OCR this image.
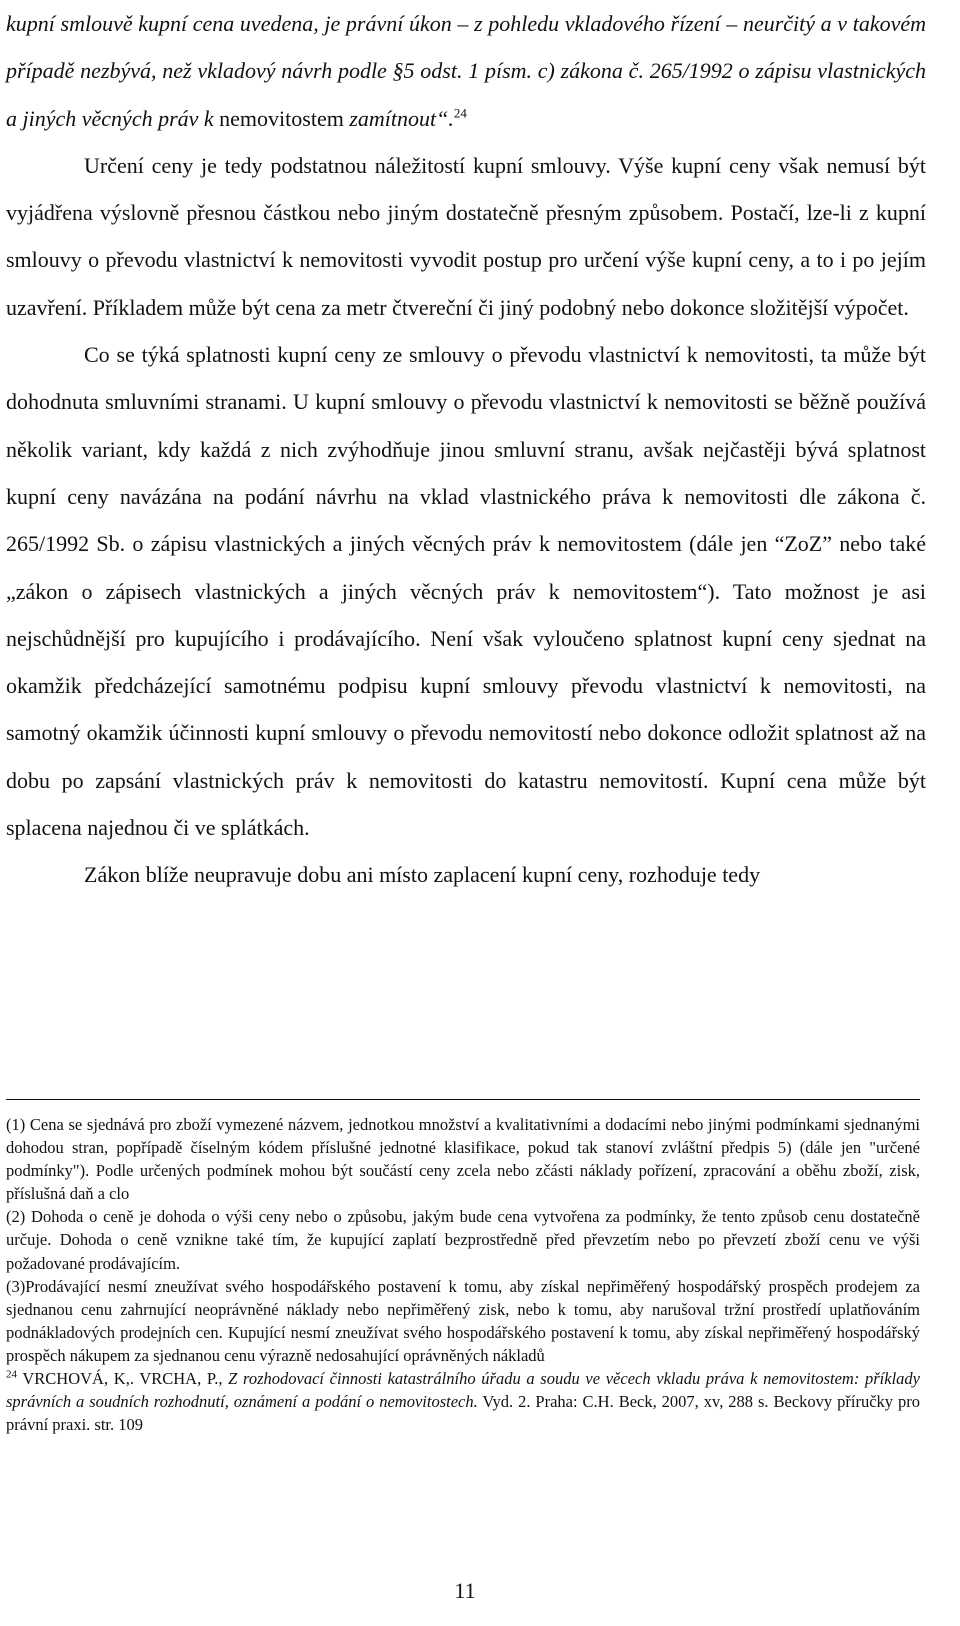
kupní smlouvě kupní cena uvedena, je právní úkon – z pohledu vkladového řízení – neurčitý a v takovém případě nezbývá, než vkladový návrh podle §5 odst. 1 písm. c) zákona č. 265/1992 o zápisu vlastnických a jiných věcných práv k nemovitostem zamítnout“.$^{24}$

Určení ceny je tedy podstatnou náležitostí kupní smlouvy. Výše kupní ceny však nemusí být vyjádřena výslovně přesnou částkou nebo jiným dostatečně přesným způsobem. Postačí, lze-li z kupní smlouvy o převodu vlastnictví k nemovitosti vyvodit postup pro určení výše kupní ceny, a to i po jejím uzavření. Příkladem může být cena za metr čtvereční či jiný podobný nebo dokonce složitější výpočet.

Co se týká splatnosti kupní ceny ze smlouvy o převodu vlastnictví k nemovitosti, ta může být dohodnuta smluvními stranami. U kupní smlouvy o převodu vlastnictví k nemovitosti se běžně používá několik variant, kdy každá z nich zvýhodňuje jinou smluvní stranu, avšak nejčastěji bývá splatnost kupní ceny navázána na podání návrhu na vklad vlastnického práva k nemovitosti dle zákona č. 265/1992 Sb. o zápisu vlastnických a jiných věcných práv k nemovitostem (dále jen “ZoZ” nebo také „zákon o zápisech vlastnických a jiných věcných práv k nemovitostem“). Tato možnost je asi nejschůdnější pro kupujícího i prodávajícího. Není však vyloučeno splatnost kupní ceny sjednat na okamžik předcházející samotnému podpisu kupní smlouvy převodu vlastnictví k nemovitosti, na samotný okamžik účinnosti kupní smlouvy o převodu nemovitostí nebo dokonce odložit splatnost až na dobu po zapsání vlastnických práv k nemovitosti do katastru nemovitostí. Kupní cena může být splacena najednou či ve splátkách.

Zákon blíže neupravuje dobu ani místo zaplacení kupní ceny, rozhoduje tedy

(1) Cena se sjednává pro zboží vymezené názvem, jednotkou množství a kvalitativními a dodacími nebo jinými podmínkami sjednanými dohodou stran, popřípadě číselným kódem příslušné jednotné klasifikace, pokud tak stanoví zvláštní předpis 5) (dále jen "určené podmínky"). Podle určených podmínek mohou být součástí ceny zcela nebo zčásti náklady pořízení, zpracování a oběhu zboží, zisk, příslušná daň a clo

(2) Dohoda o ceně je dohoda o výši ceny nebo o způsobu, jakým bude cena vytvořena za podmínky, že tento způsob cenu dostatečně určuje. Dohoda o ceně vznikne také tím, že kupující zaplatí bezprostředně před převzetím nebo po převzetí zboží cenu ve výši požadované prodávajícím.

(3)Prodávající nesmí zneužívat svého hospodářského postavení k tomu, aby získal nepřiměřený hospodářský prospěch prodejem za sjednanou cenu zahrnující neoprávněné náklady nebo nepřiměřený zisk, nebo k tomu, aby narušoval tržní prostředí uplatňováním podnákladových prodejních cen. Kupující nesmí zneužívat svého hospodářského postavení k tomu, aby získal nepřiměřený hospodářský prospěch nákupem za sjednanou cenu výrazně nedosahující oprávněných nákladů

$^{24}$ VRCHOVÁ, K,. VRCHA, P., Z rozhodovací činnosti katastrálního úřadu a soudu ve věcech vkladu práva k nemovitostem: příklady správních a soudních rozhodnutí, oznámení a podání o nemovitostech. Vyd. 2. Praha: C.H. Beck, 2007, xv, 288 s. Beckovy příručky pro právní praxi. str. 109

11
